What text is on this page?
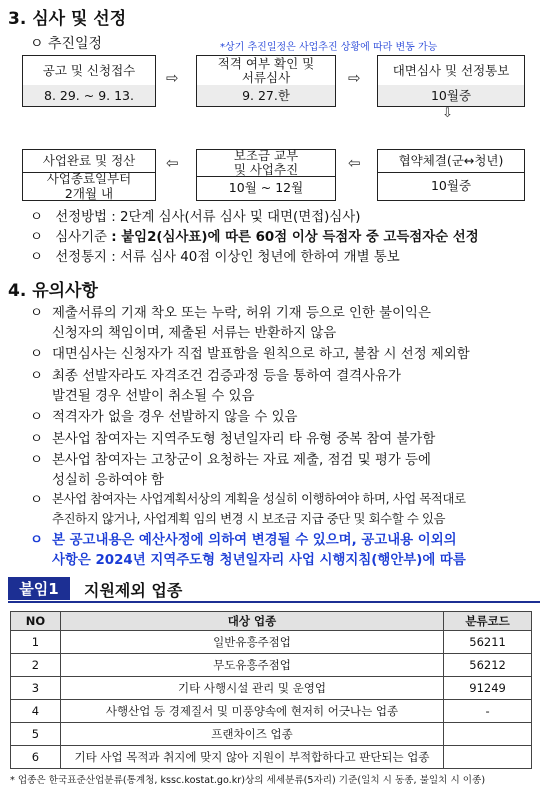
3. 심사 및 선정
ㅇ 추진일정	*상기 추진일정은 사업추진 상황에 따라 변동 가능
공고 및 신청접수
8. 29. ~ 9. 13.
⇨
적격 여부 확인 및
서류심사
9. 27.한
⇨	대면심사 및 선정통보
10월중
⇩
사업완료 및 정산
사업종료일부터
2개월 내
⇦	보조금 교부
및 사업추진
10월 ~ 12월
⇦	협약체결(군↔청년)
10월중
ㅇ 선정방법 : 2단계 심사(서류 심사 및 대면(면접)심사)
ㅇ 심사기준 : 붙임2(심사표)에 따른 60점 이상 득점자 중 고득점자순 선정
ㅇ 선정통지 : 서류 심사 40점 이상인 청년에 한하여 개별 통보
4. 유의사항
ㅇ 제출서류의 기재 착오 또는 누락, 허위 기재 등으로 인한 불이익은
신청자의 책임이며, 제출된 서류는 반환하지 않음
ㅇ 대면심사는 신청자가 직접 발표함을 원칙으로 하고, 불참 시 선정 제외함
ㅇ 최종 선발자라도 자격조건 검증과정 등을 통하여 결격사유가
발견될 경우 선발이 취소될 수 있음
ㅇ 적격자가 없을 경우 선발하지 않을 수 있음
ㅇ 본사업 참여자는 지역주도형 청년일자리 타 유형 중복 참여 불가함
ㅇ 본사업 참여자는 고창군이 요청하는 자료 제출, 점검 및 평가 등에
성실히 응하여야 함
ㅇ 본사업 참여자는 사업계획서상의 계획을 성실히 이행하여야 하며, 사업 목적대로
추진하지 않거나, 사업계획 임의 변경 시 보조금 지급 중단 및 회수할 수 있음
ㅇ 본 공고내용은 예산사정에 의하여 변경될 수 있으며, 공고내용 이외의
사항은 2024년 지역주도형 청년일자리 사업 시행지침(행안부)에 따름
붙임1	지원제외 업종
NO	대상 업종	분류코드
1	일반유흥주점업	56211
2	무도유흥주점업	56212
3	기타 사행시설 관리 및 운영업	91249
4	사행산업 등 경제질서 및 미풍양속에 현저히 어긋나는 업종	-
5	프랜차이즈 업종	
6	기타 사업 목적과 취지에 맞지 않아 지원이 부적합하다고 판단되는 업종	
* 업종은 한국표준산업분류(통계청, kssc.kostat.go.kr)상의 세세분류(5자리) 기준(일치 시 동종, 불일치 시 이종)
